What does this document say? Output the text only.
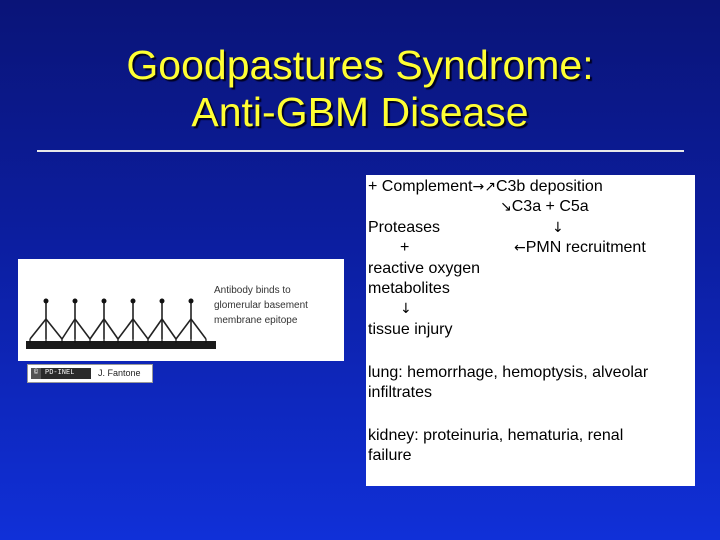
Goodpastures Syndrome:
Anti-GBM Disease
Antibody binds to
glomerular basement
membrane epitope
© PD-INEL	J. Fantone
+ Complement→↗C3b deposition
↘C3a + C5a
Proteases	↓
+	←PMN recruitment
reactive oxygen
metabolites
↓
tissue injury
lung: hemorrhage, hemoptysis, alveolar
infiltrates
kidney: proteinuria, hematuria, renal
failure
